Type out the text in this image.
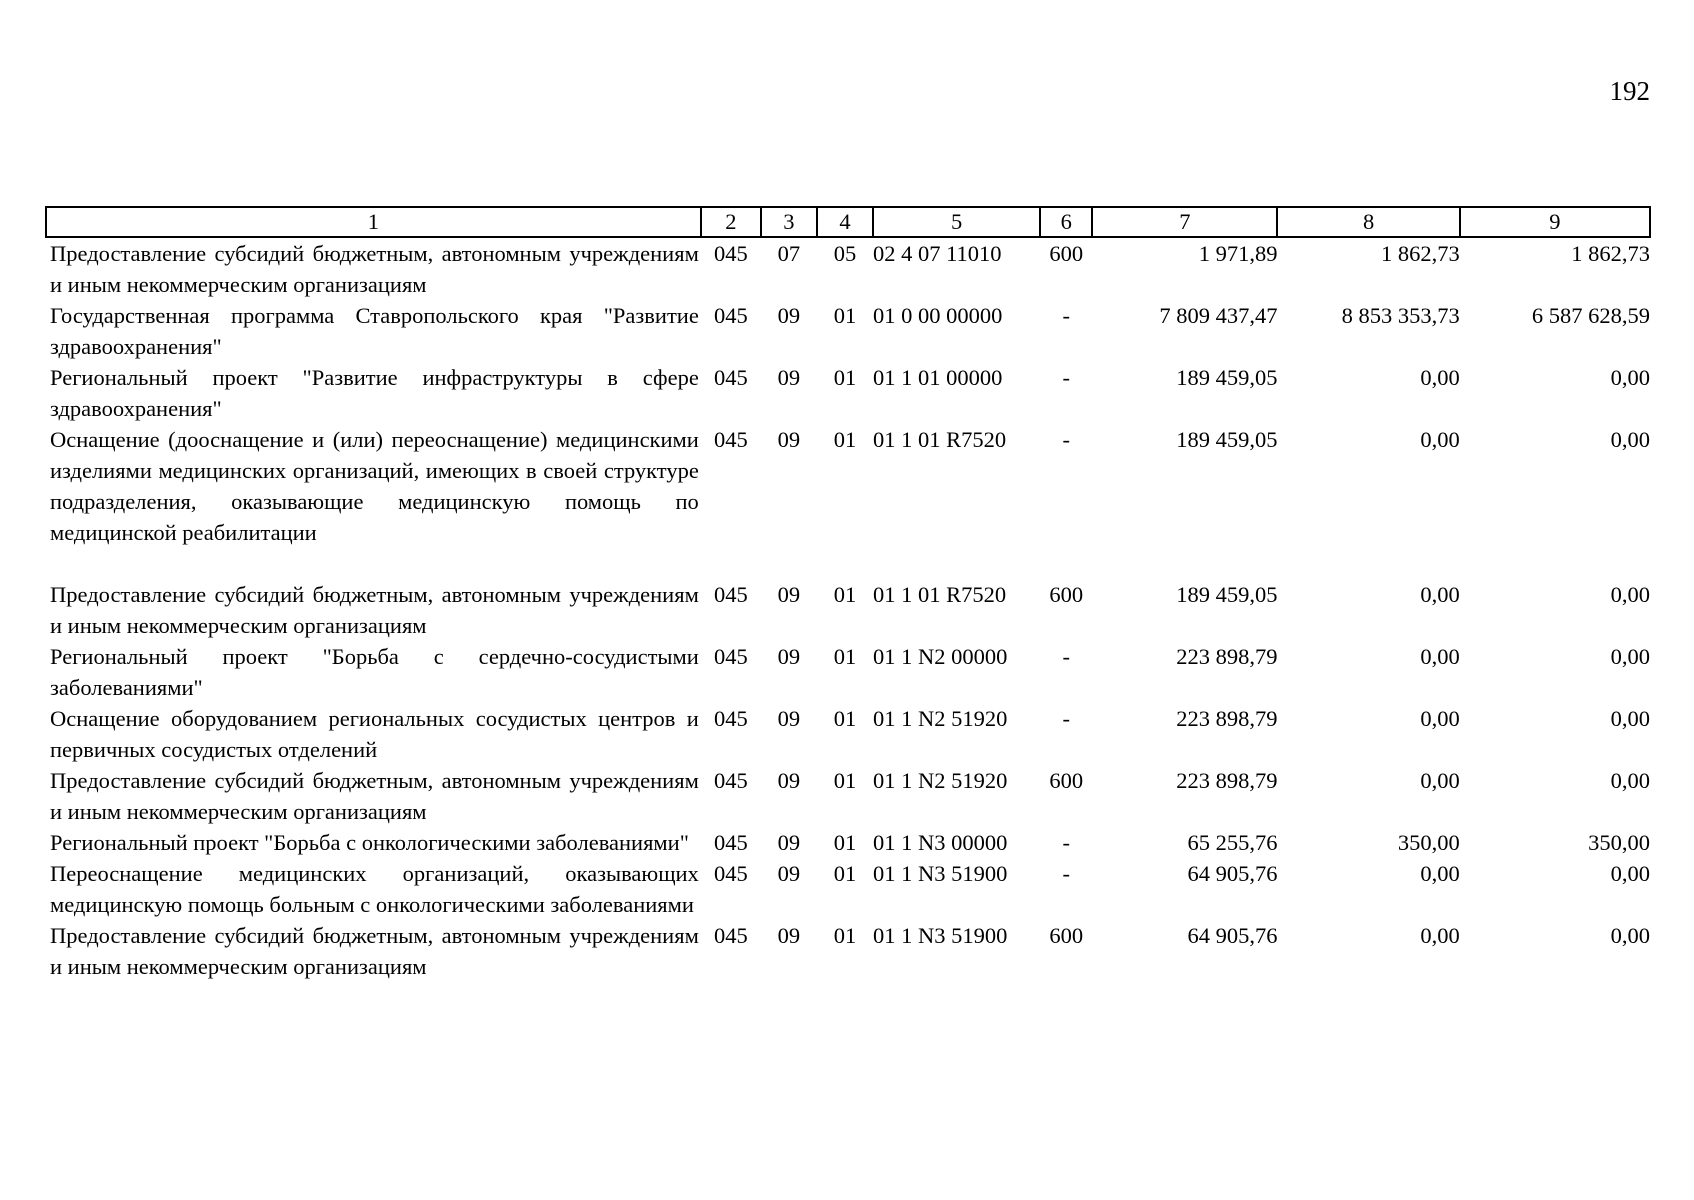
192
1	2	3	4	5	6	7	8	9
Предоставление субсидий бюджетным, автономным учреждениям и иным некоммерческим организациям	045	07	05	02 4 07 11010	600	1 971,89	1 862,73	1 862,73
Государственная программа Ставропольского края "Развитие здравоохранения"	045	09	01	01 0 00 00000	-	7 809 437,47	8 853 353,73	6 587 628,59
Региональный проект "Развитие инфраструктуры в сфере здравоохранения"	045	09	01	01 1 01 00000	-	189 459,05	0,00	0,00
Оснащение (дооснащение и (или) переоснащение) медицинскими изделиями медицинских организаций, имеющих в своей структуре подразделения, оказывающие медицинскую помощь по медицинской реабилитации	045	09	01	01 1 01 R7520	-	189 459,05	0,00	0,00
Предоставление субсидий бюджетным, автономным учреждениям и иным некоммерческим организациям	045	09	01	01 1 01 R7520	600	189 459,05	0,00	0,00
Региональный проект "Борьба с сердечно-сосудистыми заболеваниями"	045	09	01	01 1 N2 00000	-	223 898,79	0,00	0,00
Оснащение оборудованием региональных сосудистых центров и первичных сосудистых отделений	045	09	01	01 1 N2 51920	-	223 898,79	0,00	0,00
Предоставление субсидий бюджетным, автономным учреждениям и иным некоммерческим организациям	045	09	01	01 1 N2 51920	600	223 898,79	0,00	0,00
Региональный проект "Борьба с онкологическими заболеваниями"	045	09	01	01 1 N3 00000	-	65 255,76	350,00	350,00
Переоснащение медицинских организаций, оказывающих медицинскую помощь больным с онкологическими заболеваниями	045	09	01	01 1 N3 51900	-	64 905,76	0,00	0,00
Предоставление субсидий бюджетным, автономным учреждениям и иным некоммерческим организациям	045	09	01	01 1 N3 51900	600	64 905,76	0,00	0,00
